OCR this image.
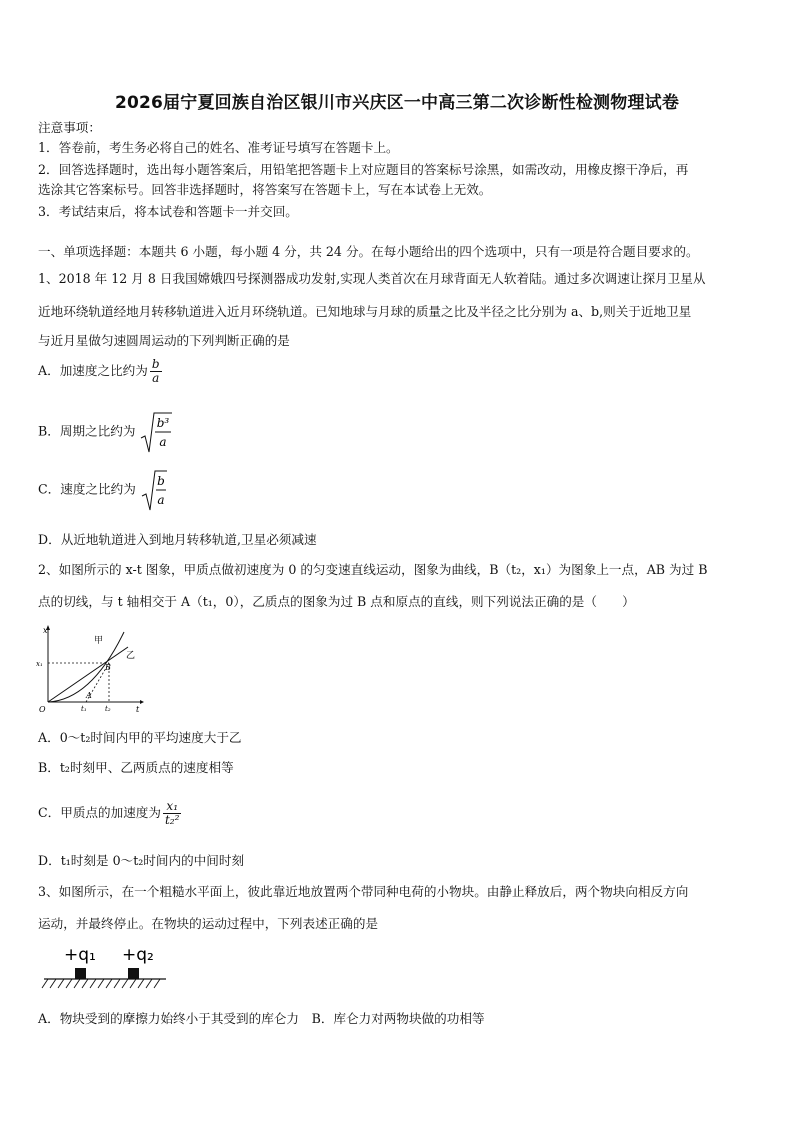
2026届宁夏回族自治区银川市兴庆区一中高三第二次诊断性检测物理试卷
注意事项：
1．答卷前，考生务必将自己的姓名、准考证号填写在答题卡上。
2．回答选择题时，选出每小题答案后，用铅笔把答题卡上对应题目的答案标号涂黑，如需改动，用橡皮擦干净后，再
选涂其它答案标号。回答非选择题时，将答案写在答题卡上，写在本试卷上无效。
3．考试结束后，将本试卷和答题卡一并交回。
一、单项选择题：本题共 6 小题，每小题 4 分，共 24 分。在每小题给出的四个选项中，只有一项是符合题目要求的。
1、2018 年 12 月 8 日我国嫦娥四号探测器成功发射,实现人类首次在月球背面无人软着陆。通过多次调速让探月卫星从
近地环绕轨道经地月转移轨道进入近月环绕轨道。已知地球与月球的质量之比及半径之比分别为 a、b,则关于近地卫星
与近月星做匀速圆周运动的下列判断正确的是
A．加速度之比约为 $\frac{b}{a}$
B．周期之比约为
b³
a
C．速度之比约为
b
a
D．从近地轨道进入到地月转移轨道,卫星必须减速
2、如图所示的 x-t 图象，甲质点做初速度为 0 的匀变速直线运动，图象为曲线，B（t₂，x₁）为图象上一点，AB 为过 B
点的切线，与 t 轴相交于 A（t₁，0），乙质点的图象为过 B 点和原点的直线，则下列说法正确的是（　　）
x
t
O
x₁
t₁	t₂
A
B
甲
乙
A．0～t₂时间内甲的平均速度大于乙
B．t₂时刻甲、乙两质点的速度相等
C．甲质点的加速度为 $\frac{\text{x₁}}{\text{t₂²}}$
D．t₁时刻是 0～t₂时间内的中间时刻
3、如图所示，在一个粗糙水平面上，彼此靠近地放置两个带同种电荷的小物块。由静止释放后，两个物块向相反方向
运动，并最终停止。在物块的运动过程中，下列表述正确的是
+q₁ +q₂
A．物块受到的摩擦力始终小于其受到的库仑力　B．库仑力对两物块做的功相等
